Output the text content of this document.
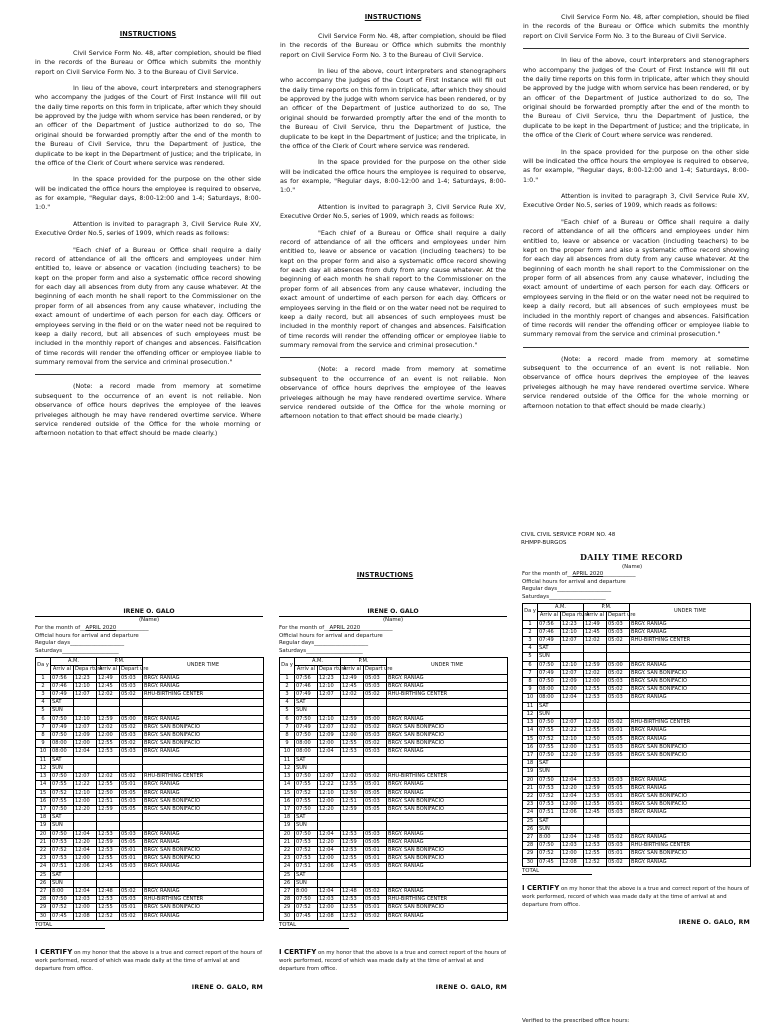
INSTRUCTIONS

Civil Service Form No. 48, after completion, should be filed in the records of the Bureau or Office which submits the monthly report on Civil Service Form No. 3 to the Bureau of Civil Service.

In lieu of the above, court interpreters and stenographers who accompany the judges of the Court of First Instance will fill out the daily time reports on this form in triplicate, after which they should be approved by the judge with whom service has been rendered, or by an officer of the Department of Justice authorized to do so, The original should be forwarded promptly after the end of the month to the Bureau of Civil Service, thru the Department of Justice, the duplicate to be kept in the Department of Justice; and the triplicate, in the office of the Clerk of Court where service was rendered.

In the space provided for the purpose on the other side will be indicated the office hours the employee is required to observe, as for example, "Regular days, 8:00-12:00 and 1-4; Saturdays, 8:00-1:0."

Attention is invited to paragraph 3, Civil Service Rule XV, Executive Order No.5, series of 1909, which reads as follows:

"Each chief of a Bureau or Office shall require a daily record of attendance of all the officers and employees under him entitled to, leave or absence or vacation (including teachers) to be kept on the proper form and also a systematic office record showing for each day all absences from duty from any cause whatever. At the beginning of each month he shall report to the Commissioner on the proper form of all absences from any cause whatever, including the exact amount of undertime of each person for each day. Officers or employees serving in the field or on the water need not be required to keep a daily record, but all absences of such employees must be included in the monthly report of changes and absences. Falsification of time records will render the offending officer or employee liable to summary removal from the service and criminal prosecution."

(Note: a record made from memory at sometime subsequent to the occurrence of an event is not reliable. Non observance of office hours deprives the employee of the leaves priveleges although he may have rendered overtime service. Where service rendered outside of the Office for the whole morning or afternoon notation to that effect should be made clearly.)

INSTRUCTIONS

Civil Service Form No. 48, after completion, should be filed in the records of the Bureau or Office which submits the monthly report on Civil Service Form No. 3 to the Bureau of Civil Service.

In lieu of the above, court interpreters and stenographers who accompany the judges of the Court of First Instance will fill out the daily time reports on this form in triplicate, after which they should be approved by the judge with whom service has been rendered, or by an officer of the Department of Justice authorized to do so, The original should be forwarded promptly after the end of the month to the Bureau of Civil Service, thru the Department of Justice, the duplicate to be kept in the Department of Justice; and the triplicate, in the office of the Clerk of Court where service was rendered.

In the space provided for the purpose on the other side will be indicated the office hours the employee is required to observe, as for example, "Regular days, 8:00-12:00 and 1-4; Saturdays, 8:00-1:0."

Attention is invited to paragraph 3, Civil Service Rule XV, Executive Order No.5, series of 1909, which reads as follows:

"Each chief of a Bureau or Office shall require a daily record of attendance of all the officers and employees under him entitled to, leave or absence or vacation (including teachers) to be kept on the proper form and also a systematic office record showing for each day all absences from duty from any cause whatever. At the beginning of each month he shall report to the Commissioner on the proper form of all absences from any cause whatever, including the exact amount of undertime of each person for each day. Officers or employees serving in the field or on the water need not be required to keep a daily record, but all absences of such employees must be included in the monthly report of changes and absences. Falsification of time records will render the offending officer or employee liable to summary removal from the service and criminal prosecution."

(Note: a record made from memory at sometime subsequent to the occurrence of an event is not reliable. Non observance of office hours deprives the employee of the leaves priveleges although he may have rendered overtime service. Where service rendered outside of the Office for the whole morning or afternoon notation to that effect should be made clearly.)

Civil Service Form No. 48, after completion, should be filed in the records of the Bureau or Office which submits the monthly report on Civil Service Form No. 3 to the Bureau of Civil Service.

In lieu of the above, court interpreters and stenographers who accompany the judges of the Court of First Instance will fill out the daily time reports on this form in triplicate, after which they should be approved by the judge with whom service has been rendered, or by an officer of the Department of Justice authorized to do so, The original should be forwarded promptly after the end of the month to the Bureau of Civil Service, thru the Department of Justice, the duplicate to be kept in the Department of Justice; and the triplicate, in the office of the Clerk of Court where service was rendered.

In the space provided for the purpose on the other side will be indicated the office hours the employee is required to observe, as for example, "Regular days, 8:00-12:00 and 1-4; Saturdays, 8:00-1:0."

Attention is invited to paragraph 3, Civil Service Rule XV, Executive Order No.5, series of 1909, which reads as follows:

"Each chief of a Bureau or Office shall require a daily record of attendance of all the officers and employees under him entitled to, leave or absence or vacation (including teachers) to be kept on the proper form and also a systematic office record showing for each day all absences from duty from any cause whatever. At the beginning of each month he shall report to the Commissioner on the proper form of all absences from any cause whatever, including the exact amount of undertime of each person for each day. Officers or employees serving in the field or on the water need not be required to keep a daily record, but all absences of such employees must be included in the monthly report of changes and absences. Falsification of time records will render the offending officer or employee liable to summary removal from the service and criminal prosecution."

(Note: a record made from memory at sometime subsequent to the occurrence of an event is not reliable. Non observance of office hours deprives the employee of the leaves priveleges although he may have rendered overtime service. Where service rendered outside of the Office for the whole morning or afternoon notation to that effect should be made clearly.)

INSTRUCTIONS
CIVIL CIVIL SERVICE FORM NO. 48
RHMPP-BURGOS
DAILY TIME RECORD
IRENE O. GALO
(Name)
For the month of__APRIL 2020____________
Official hours for arrival and departure
Regular days____________________
Saturdays_____________________
Da y	A.M.		P.M.		UNDER TIME
	Arriv al	Depa rture	Arriv al	Depart ure	
1	07:56	12:23	12:49	05:03	BRGY. RANIAG
2	07:46	12:10	12:45	05:03	BRGY. RANIAG
3	07:49	12:07	12:02	05:02	RHU-BIRTHING CENTER
4	SAT				
5	SUN				
6	07:50	12:10	12:59	05:00	BRGY. RANIAG
7	07:49	12:07	12:02	05:02	BRGY. SAN BONIFACIO
8	07:50	12:09	12:00	05:03	BRGY. SAN BONIFACIO
9	08:00	12:00	12:55	05:02	BRGY. SAN BONIFACIO
10	08:00	12:04	12:53	05:03	BRGY. RANIAG
11	SAT				
12	SUN				
13	07:50	12:07	12:02	05:02	RHU-BIRTHING CENTER
14	07:55	12:22	12:55	05:01	BRGY. RANIAG
15	07:52	12:10	12:50	05:05	BRGY. RANIAG
16	07:55	12:00	12:51	05:03	BRGY. SAN BONIFACIO
17	07:50	12:20	12:59	05:05	BRGY. SAN BONIFACIO
18	SAT				
19	SUN				
20	07:50	12:04	12:53	05:03	BRGY. RANIAG
21	07:53	12:20	12:59	05:05	BRGY. RANIAG
22	07:52	12:04	12:53	05:01	BRGY. SAN BONIFACIO
23	07:53	12:00	12:55	05:01	BRGY. SAN BONIFACIO
24	07:51	12:06	12:45	05:03	BRGY. RANIAG
25	SAT				
26	SUN				
27	8:00	12:04	12:48	05:02	BRGY. RANIAG
28	07:50	12:03	12:53	05:03	RHU-BIRTHING CENTER
29	07:52	12:00	12:55	05:01	BRGY. SAN BONIFACIO
30	07:45	12:08	12:52	05:02	BRGY. RANIAG
TOTAL
I CERTIFY on my honor that the above is a true and correct report of the hours of work performed, record of which was made daily at the time of arrival at and departure from office.
IRENE O. GALO, RM
IRENE O. GALO
(Name)
For the month of__APRIL 2020____________
Official hours for arrival and departure
Regular days____________________
Saturdays_____________________
Da y	A.M.		P.M.		UNDER TIME
	Arriv al	Depa rture	Arriv al	Depart ure	
1	07:56	12:23	12:49	05:03	BRGY. RANIAG
2	07:46	12:10	12:45	05:03	BRGY. RANIAG
3	07:49	12:07	12:02	05:02	RHU-BIRTHING CENTER
4	SAT				
5	SUN				
6	07:50	12:10	12:59	05:00	BRGY. RANIAG
7	07:49	12:07	12:02	05:02	BRGY. SAN BONIFACIO
8	07:50	12:09	12:00	05:03	BRGY. SAN BONIFACIO
9	08:00	12:00	12:55	05:02	BRGY. SAN BONIFACIO
10	08:00	12:04	12:53	05:03	BRGY. RANIAG
11	SAT				
12	SUN				
13	07:50	12:07	12:02	05:02	RHU-BIRTHING CENTER
14	07:55	12:22	12:55	05:01	BRGY. RANIAG
15	07:52	12:10	12:50	05:05	BRGY. RANIAG
16	07:55	12:00	12:51	05:03	BRGY. SAN BONIFACIO
17	07:50	12:20	12:59	05:05	BRGY. SAN BONIFACIO
18	SAT				
19	SUN				
20	07:50	12:04	12:53	05:03	BRGY. RANIAG
21	07:53	12:20	12:59	05:05	BRGY. RANIAG
22	07:52	12:04	12:53	05:01	BRGY. SAN BONIFACIO
23	07:53	12:00	12:55	05:01	BRGY. SAN BONIFACIO
24	07:51	12:06	12:45	05:03	BRGY. RANIAG
25	SAT				
26	SUN				
27	8:00	12:04	12:48	05:02	BRGY. RANIAG
28	07:50	12:03	12:53	05:03	RHU-BIRTHING CENTER
29	07:52	12:00	12:55	05:01	BRGY. SAN BONIFACIO
30	07:45	12:08	12:52	05:02	BRGY. RANIAG
TOTAL
I CERTIFY on my honor that the above is a true and correct report of the hours of work performed, record of which was made daily at the time of arrival at and departure from office.
IRENE O. GALO, RM
(Name)
For the month of__APRIL 2020____________
Official hours for arrival and departure
Regular days____________________
Saturdays_____________________
Da y	A.M.		P.M.		UNDER TIME
	Arriv al	Depa rture	Arriv al	Depart ure	
1	07:56	12:23	12:49	05:03	BRGY. RANIAG
2	07:46	12:10	12:45	05:03	BRGY. RANIAG
3	07:49	12:07	12:02	05:02	RHU-BIRTHING CENTER
4	SAT				
5	SUN				
6	07:50	12:10	12:59	05:00	BRGY. RANIAG
7	07:49	12:07	12:02	05:02	BRGY. SAN BONIFACIO
8	07:50	12:09	12:00	05:03	BRGY. SAN BONIFACIO
9	08:00	12:00	12:55	05:02	BRGY. SAN BONIFACIO
10	08:00	12:04	12:53	05:03	BRGY. RANIAG
11	SAT				
12	SUN				
13	07:50	12:07	12:02	05:02	RHU-BIRTHING CENTER
14	07:55	12:22	12:55	05:01	BRGY. RANIAG
15	07:52	12:10	12:50	05:05	BRGY. RANIAG
16	07:55	12:00	12:51	05:03	BRGY. SAN BONIFACIO
17	07:50	12:20	12:59	05:05	BRGY. SAN BONIFACIO
18	SAT				
19	SUN				
20	07:50	12:04	12:53	05:03	BRGY. RANIAG
21	07:53	12:20	12:59	05:05	BRGY. RANIAG
22	07:52	12:04	12:53	05:01	BRGY. SAN BONIFACIO
23	07:53	12:00	12:55	05:01	BRGY. SAN BONIFACIO
24	07:51	12:06	12:45	05:03	BRGY. RANIAG
25	SAT				
26	SUN				
27	8:00	12:04	12:48	05:02	BRGY. RANIAG
28	07:50	12:03	12:53	05:03	RHU-BIRTHING CENTER
29	07:52	12:00	12:55	05:01	BRGY. SAN BONIFACIO
30	07:45	12:08	12:52	05:02	BRGY. RANIAG
TOTAL
I CERTIFY on my honor that the above is a true and correct report of the hours of work performed, record of which was made daily at the time of arrival at and departure from office.
IRENE O. GALO, RM
Verified to the prescribed office hours:
